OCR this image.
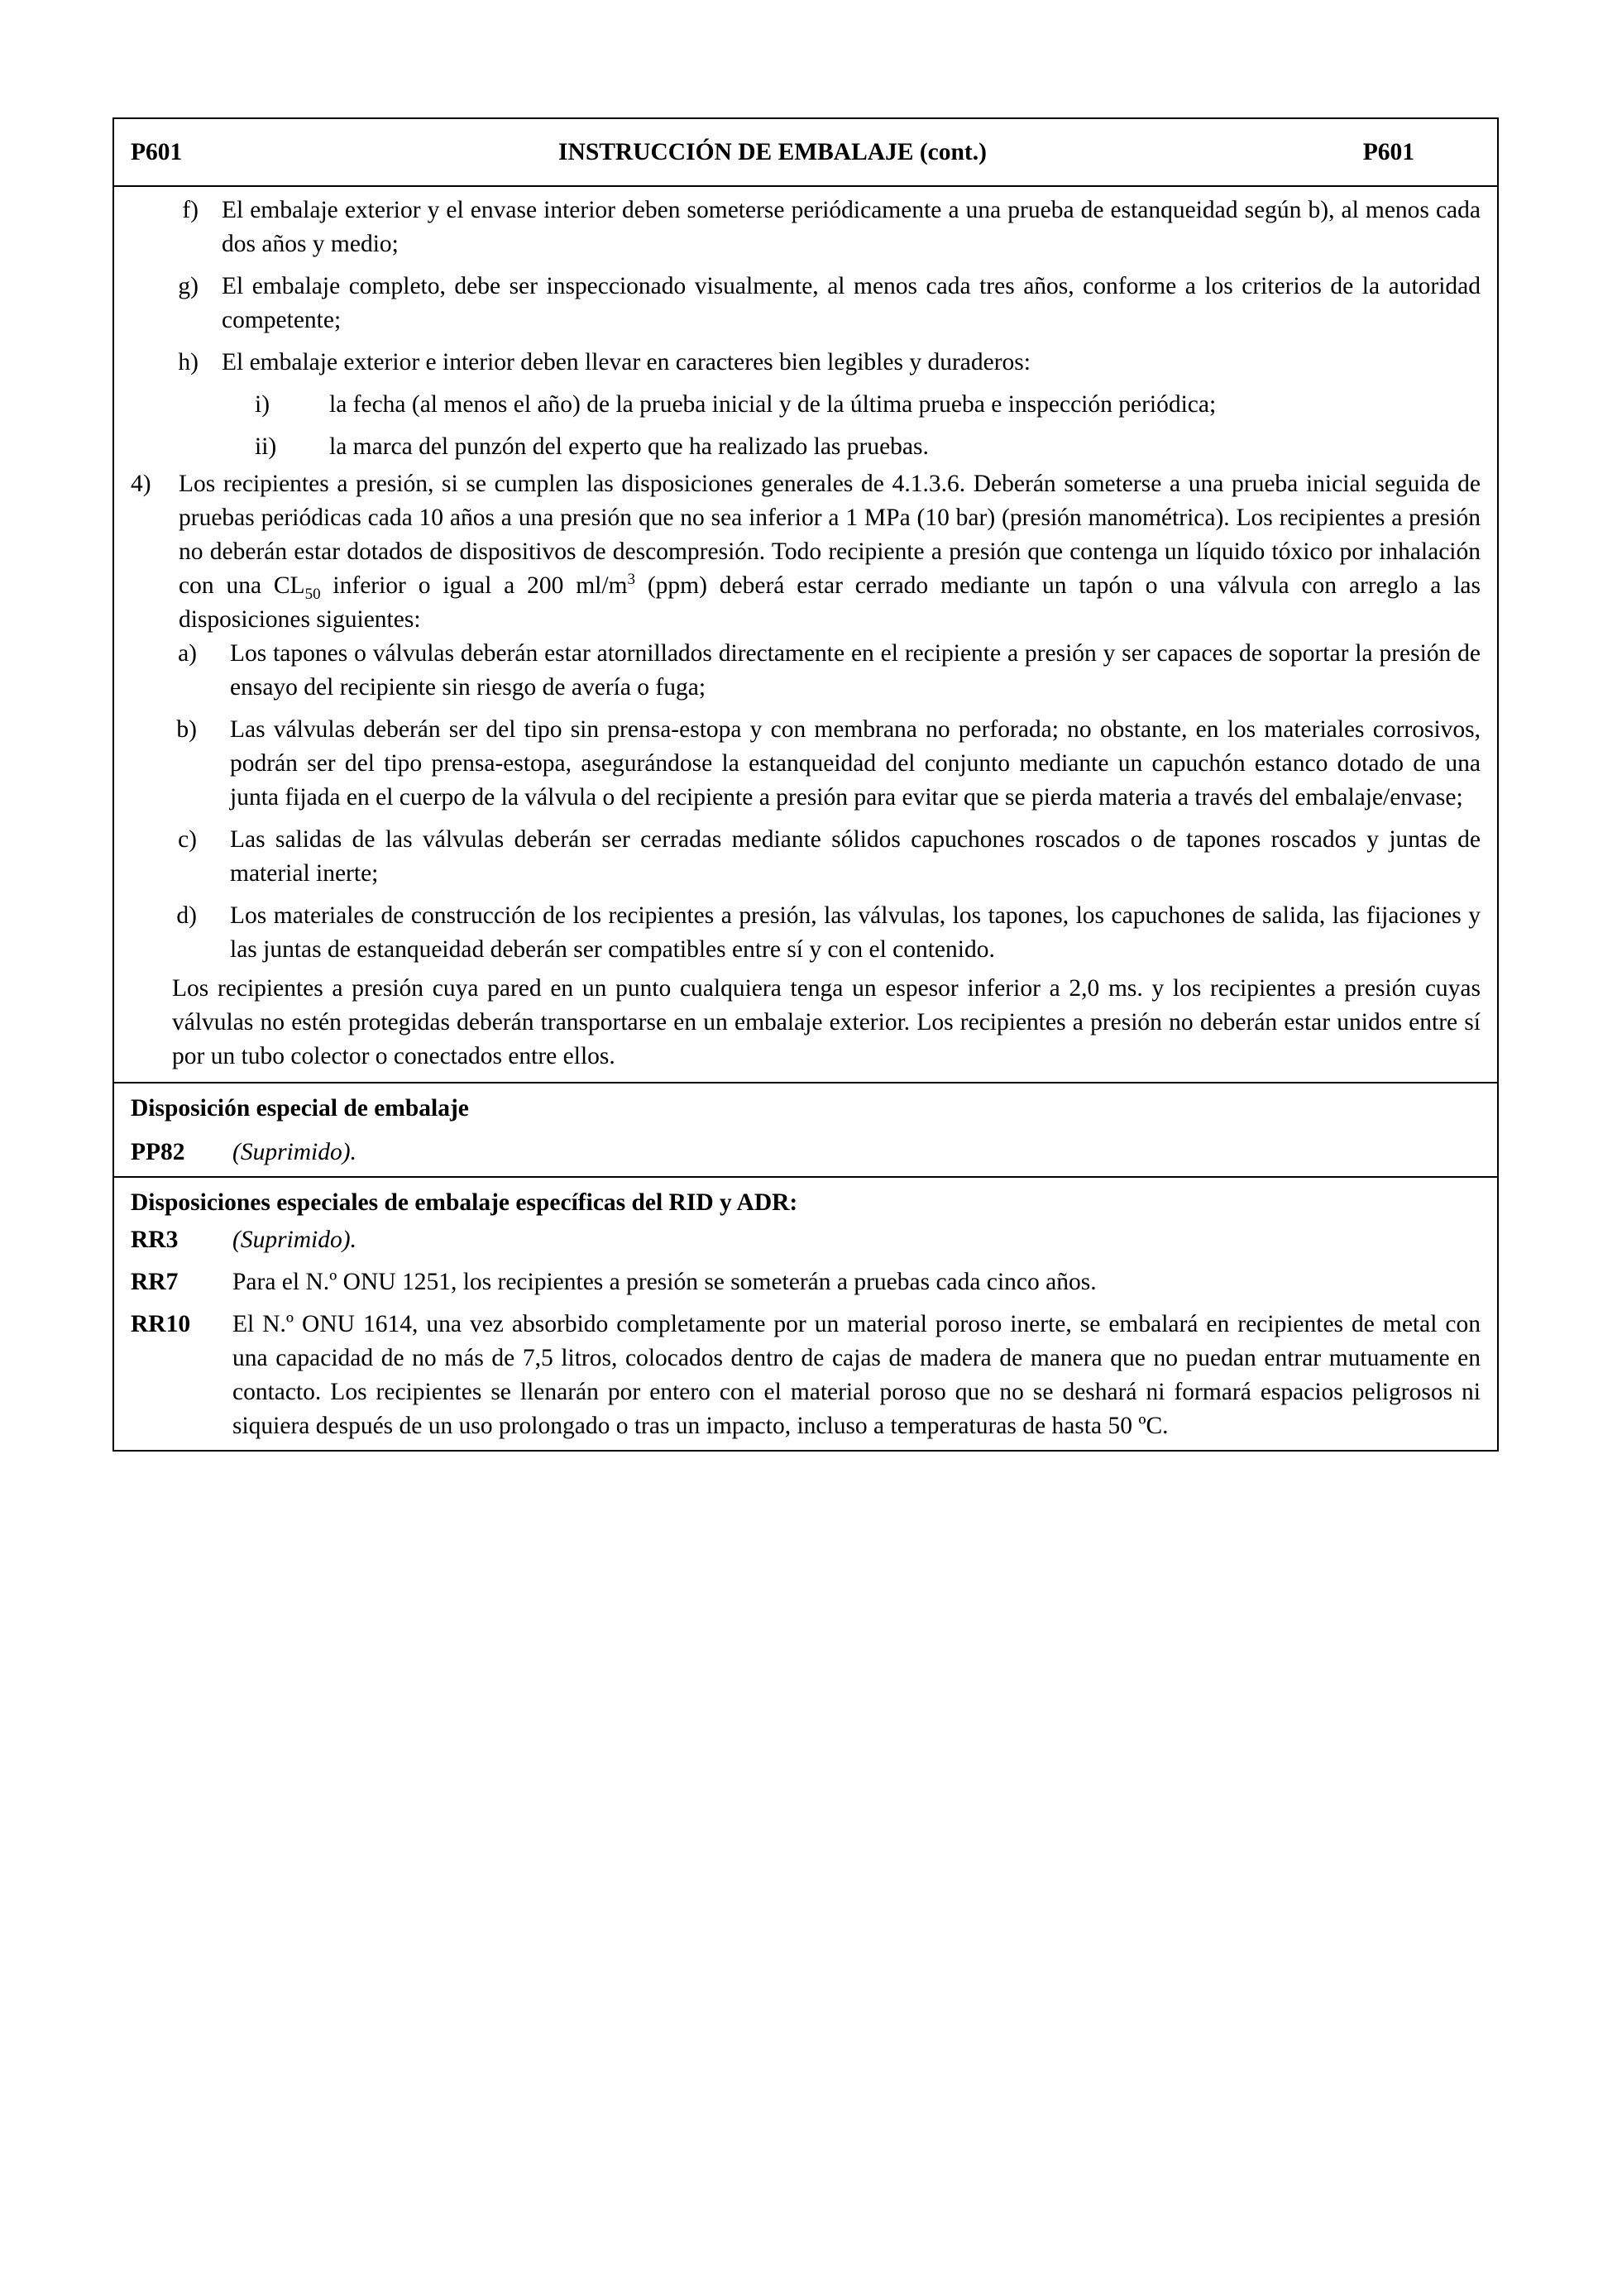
P601	INSTRUCCIÓN DE EMBALAJE (cont.)	P601
f) El embalaje exterior y el envase interior deben someterse periódicamente a una prueba de estanqueidad según b), al menos cada dos años y medio;
g) El embalaje completo, debe ser inspeccionado visualmente, al menos cada tres años, conforme a los criterios de la autoridad competente;
h) El embalaje exterior e interior deben llevar en caracteres bien legibles y duraderos:
i)	la fecha (al menos el año) de la prueba inicial y de la última prueba e inspección periódica;
ii)	la marca del punzón del experto que ha realizado las pruebas.
4)	Los recipientes a presión, si se cumplen las disposiciones generales de 4.1.3.6. Deberán someterse a una prueba inicial seguida de pruebas periódicas cada 10 años a una presión que no sea inferior a 1 MPa (10 bar) (presión manométrica). Los recipientes a presión no deberán estar dotados de dispositivos de descompresión. Todo recipiente a presión que contenga un líquido tóxico por inhalación con una $CL_{50}$ inferior o igual a 200 $ml/m^3$ (ppm) deberá estar cerrado mediante un tapón o una válvula con arreglo a las disposiciones siguientes:
a)	Los tapones o válvulas deberán estar atornillados directamente en el recipiente a presión y ser capaces de soportar la presión de ensayo del recipiente sin riesgo de avería o fuga;
b)	Las válvulas deberán ser del tipo sin prensa-estopa y con membrana no perforada; no obstante, en los materiales corrosivos, podrán ser del tipo prensa-estopa, asegurándose la estanqueidad del conjunto mediante un capuchón estanco dotado de una junta fijada en el cuerpo de la válvula o del recipiente a presión para evitar que se pierda materia a través del embalaje/envase;
c)	Las salidas de las válvulas deberán ser cerradas mediante sólidos capuchones roscados o de tapones roscados y juntas de material inerte;
d)	Los materiales de construcción de los recipientes a presión, las válvulas, los tapones, los capuchones de salida, las fijaciones y las juntas de estanqueidad deberán ser compatibles entre sí y con el contenido.
Los recipientes a presión cuya pared en un punto cualquiera tenga un espesor inferior a 2,0 ms. y los recipientes a presión cuyas válvulas no estén protegidas deberán transportarse en un embalaje exterior. Los recipientes a presión no deberán estar unidos entre sí por un tubo colector o conectados entre ellos.
Disposición especial de embalaje
PP82	(Suprimido).
Disposiciones especiales de embalaje específicas del RID y ADR:
RR3	(Suprimido).
RR7	Para el N.º ONU 1251, los recipientes a presión se someterán a pruebas cada cinco años.
RR10	El N.º ONU 1614, una vez absorbido completamente por un material poroso inerte, se embalará en recipientes de metal con una capacidad de no más de 7,5 litros, colocados dentro de cajas de madera de manera que no puedan entrar mutuamente en contacto. Los recipientes se llenarán por entero con el material poroso que no se deshará ni formará espacios peligrosos ni siquiera después de un uso prolongado o tras un impacto, incluso a temperaturas de hasta 50 ºC.
